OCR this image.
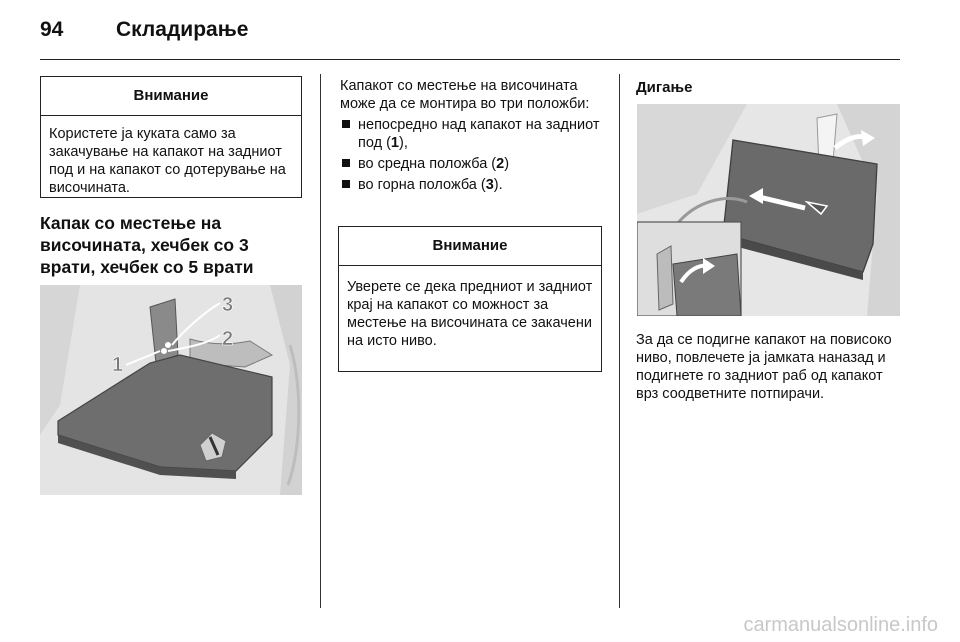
94	Складирање
Внимание
Користете ја куката само за закачување на капакот на задниот под и на капакот со дотерување на височината.
Капак со местење на височината, хечбек со 3 врати, хечбек со 5 врати
1
2
3
Капакот со местење на височината може да се монтира во три положби:
непосредно над капакот на задниот под (1),
во средна положба (2)
во горна положба (3).
Внимание
Уверете се дека предниот и задниот крај на капакот со можност за местење на височината се закачени на исто ниво.
Дигање
За да се подигне капакот на повисоко ниво, повлечете ја јамката наназад и подигнете го задниот раб од капакот врз соодветните потпирачи.
carmanualsonline.info
